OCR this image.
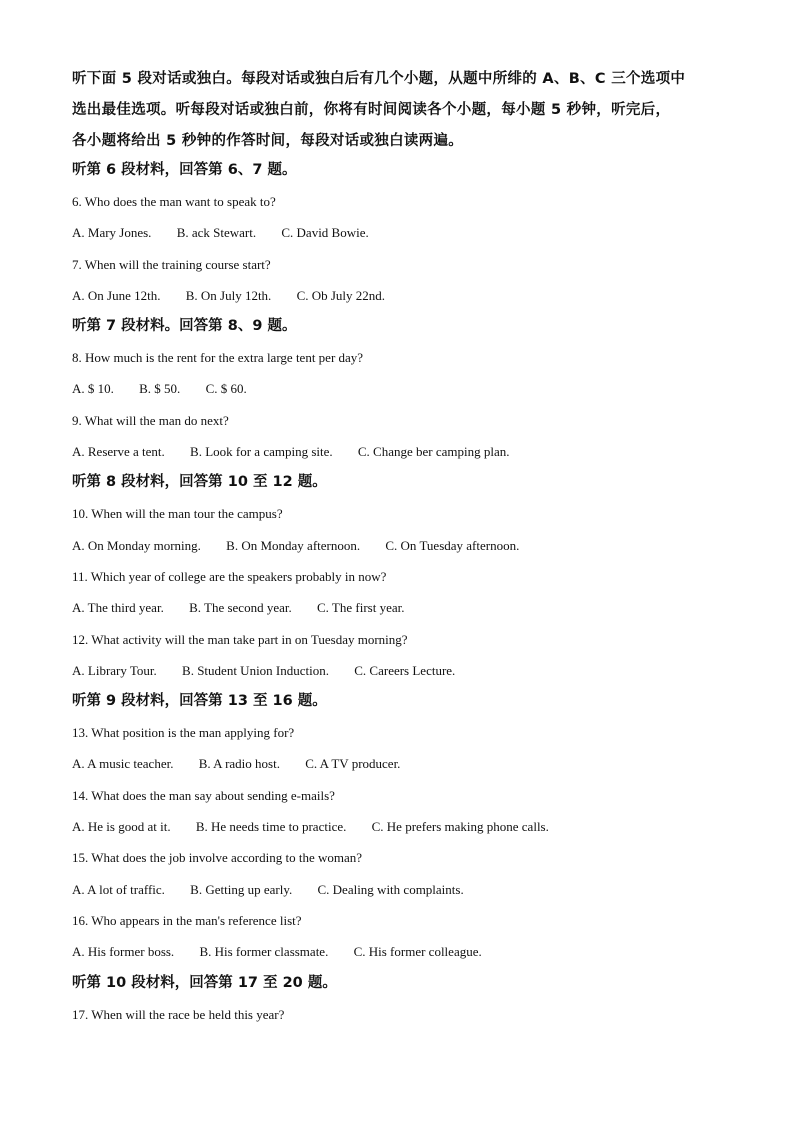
听下面 5 段对话或独白。每段对话或独白后有几个小题，从题中所绯的 A、B、C 三个选项中

选出最佳选项。听每段对话或独白前，你将有时间阅读各个小题，每小题 5 秒钟，听完后，

各小题将给出 5 秒钟的作答时间，每段对话或独白读两遍。

听第 6 段材料，回答第 6、7 题。
6. Who does the man want to speak to?
A. Mary Jones. B. ack Stewart. C. David Bowie.
7. When will the training course start?
A. On June 12th. B. On July 12th. C. Ob July 22nd.
听第 7 段材料。回答第 8、9 题。
8. How much is the rent for the extra large tent per day?
A. $ 10. B. $ 50. C. $ 60.
9. What will the man do next?
A. Reserve a tent. B. Look for a camping site. C. Change ber camping plan.
听第 8 段材料，回答第 10 至 12 题。
10. When will the man tour the campus?
A. On Monday morning. B. On Monday afternoon. C. On Tuesday afternoon.
11. Which year of college are the speakers probably in now?
A. The third year. B. The second year. C. The first year.
12. What activity will the man take part in on Tuesday morning?
A. Library Tour. B. Student Union Induction. C. Careers Lecture.
听第 9 段材料，回答第 13 至 16 题。
13. What position is the man applying for?
A. A music teacher. B. A radio host. C. A TV producer.
14. What does the man say about sending e-mails?
A. He is good at it. B. He needs time to practice. C. He prefers making phone calls.
15. What does the job involve according to the woman?
A. A lot of traffic. B. Getting up early. C. Dealing with complaints.
16. Who appears in the man's reference list?
A. His former boss. B. His former classmate. C. His former colleague.
听第 10 段材料，回答第 17 至 20 题。
17. When will the race be held this year?
